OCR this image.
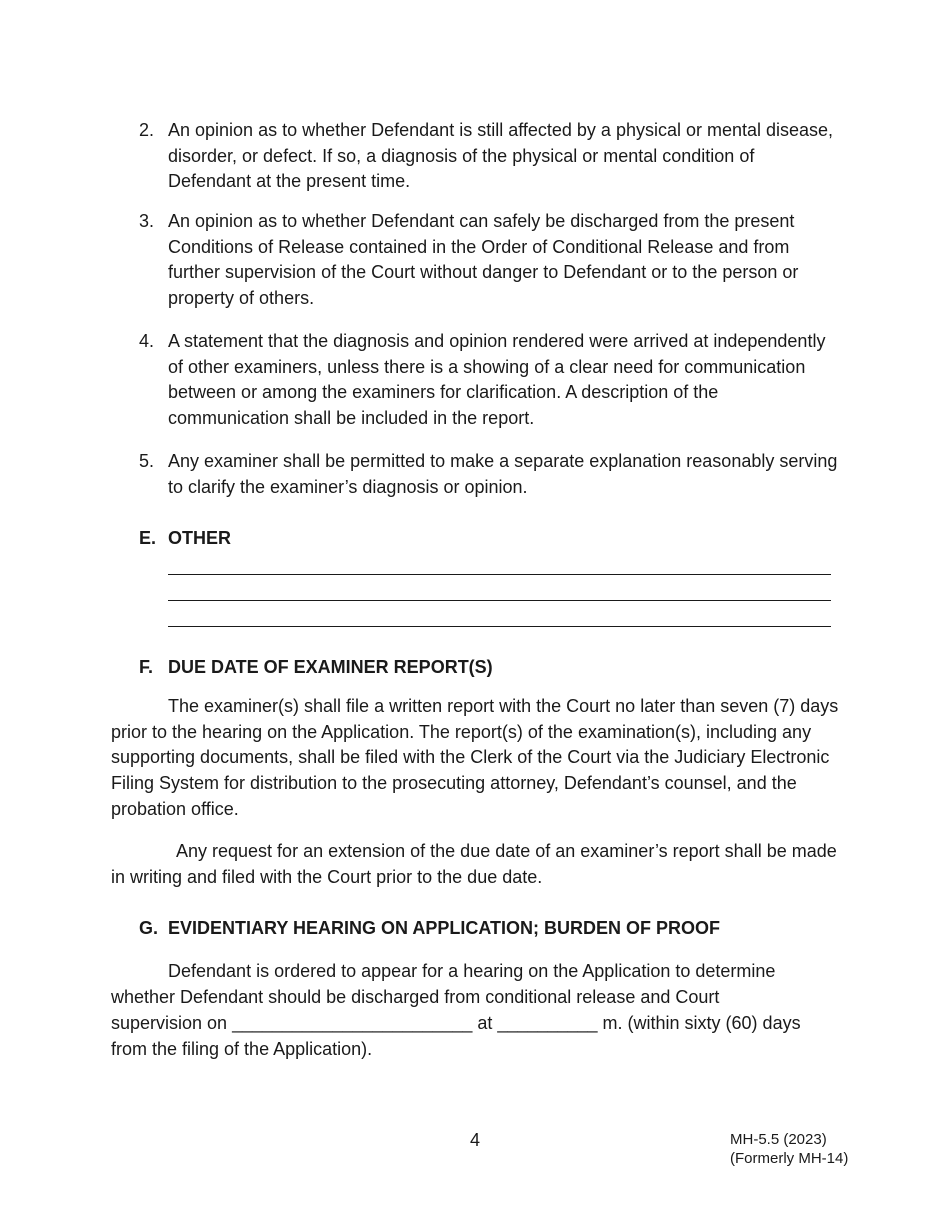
2. An opinion as to whether Defendant is still affected by a physical or mental disease, disorder, or defect. If so, a diagnosis of the physical or mental condition of Defendant at the present time.
3. An opinion as to whether Defendant can safely be discharged from the present Conditions of Release contained in the Order of Conditional Release and from further supervision of the Court without danger to Defendant or to the person or property of others.
4. A statement that the diagnosis and opinion rendered were arrived at independently of other examiners, unless there is a showing of a clear need for communication between or among the examiners for clarification. A description of the communication shall be included in the report.
5. Any examiner shall be permitted to make a separate explanation reasonably serving to clarify the examiner’s diagnosis or opinion.
E. OTHER
F. DUE DATE OF EXAMINER REPORT(S)
The examiner(s) shall file a written report with the Court no later than seven (7) days prior to the hearing on the Application. The report(s) of the examination(s), including any supporting documents, shall be filed with the Clerk of the Court via the Judiciary Electronic Filing System for distribution to the prosecuting attorney, Defendant’s counsel, and the probation office.
Any request for an extension of the due date of an examiner’s report shall be made in writing and filed with the Court prior to the due date.
G. EVIDENTIARY HEARING ON APPLICATION; BURDEN OF PROOF
Defendant is ordered to appear for a hearing on the Application to determine
whether Defendant should be discharged from conditional release and Court
supervision on ________________________ at __________ m. (within sixty (60) days
from the filing of the Application).
4	MH-5.5 (2023)
(Formerly MH-14)
